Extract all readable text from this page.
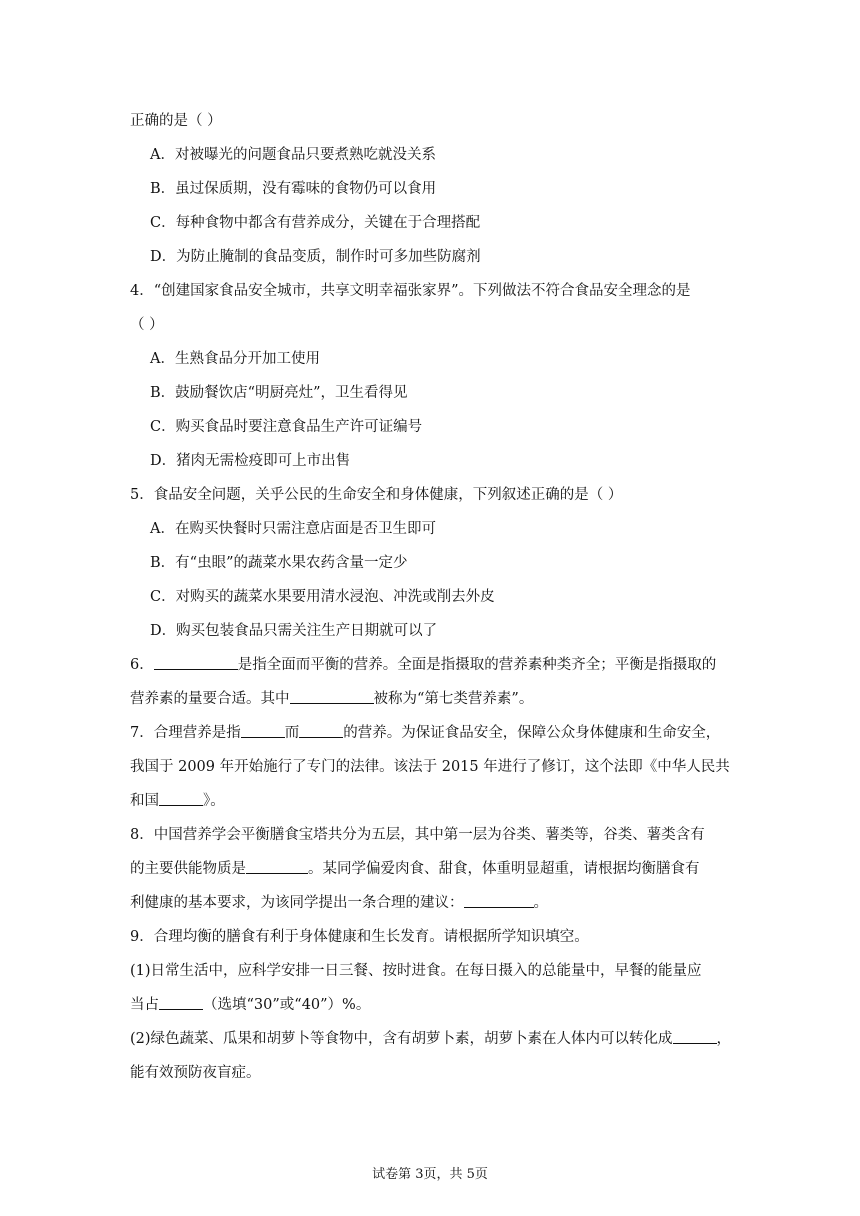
正确的是（ ）
A．对被曝光的问题食品只要煮熟吃就没关系
B．虽过保质期，没有霉味的食物仍可以食用
C．每种食物中都含有营养成分，关键在于合理搭配
D．为防止腌制的食品变质，制作时可多加些防腐剂
4．“创建国家食品安全城市，共享文明幸福张家界”。下列做法不符合食品安全理念的是
（ ）
A．生熟食品分开加工使用
B．鼓励餐饮店“明厨亮灶”，卫生看得见
C．购买食品时要注意食品生产许可证编号
D．猪肉无需检疫即可上市出售
5．食品安全问题，关乎公民的生命安全和身体健康，下列叙述正确的是（ ）
A．在购买快餐时只需注意店面是否卫生即可
B．有“虫眼”的蔬菜水果农药含量一定少
C．对购买的蔬菜水果要用清水浸泡、冲洗或削去外皮
D．购买包装食品只需关注生产日期就可以了
6．	是指全面而平衡的营养。全面是指摄取的营养素种类齐全；平衡是指摄取的
营养素的量要合适。其中	被称为“第七类营养素”。
7．合理营养是指	而	的营养。为保证食品安全，保障公众身体健康和生命安全，
我国于 2009 年开始施行了专门的法律。该法于 2015 年进行了修订，这个法即《中华人民共
和国	》。
8．中国营养学会平衡膳食宝塔共分为五层，其中第一层为谷类、薯类等，谷类、薯类含有
的主要供能物质是	。某同学偏爱肉食、甜食，体重明显超重，请根据均衡膳食有
利健康的基本要求，为该同学提出一条合理的建议：	。
9．合理均衡的膳食有利于身体健康和生长发育。请根据所学知识填空。
(1)日常生活中，应科学安排一日三餐、按时进食。在每日摄入的总能量中，早餐的能量应
当占	（选填“30”或“40”）%。
(2)绿色蔬菜、瓜果和胡萝卜等食物中，含有胡萝卜素，胡萝卜素在人体内可以转化成	，
能有效预防夜盲症。
试卷第 3页，共 5页
